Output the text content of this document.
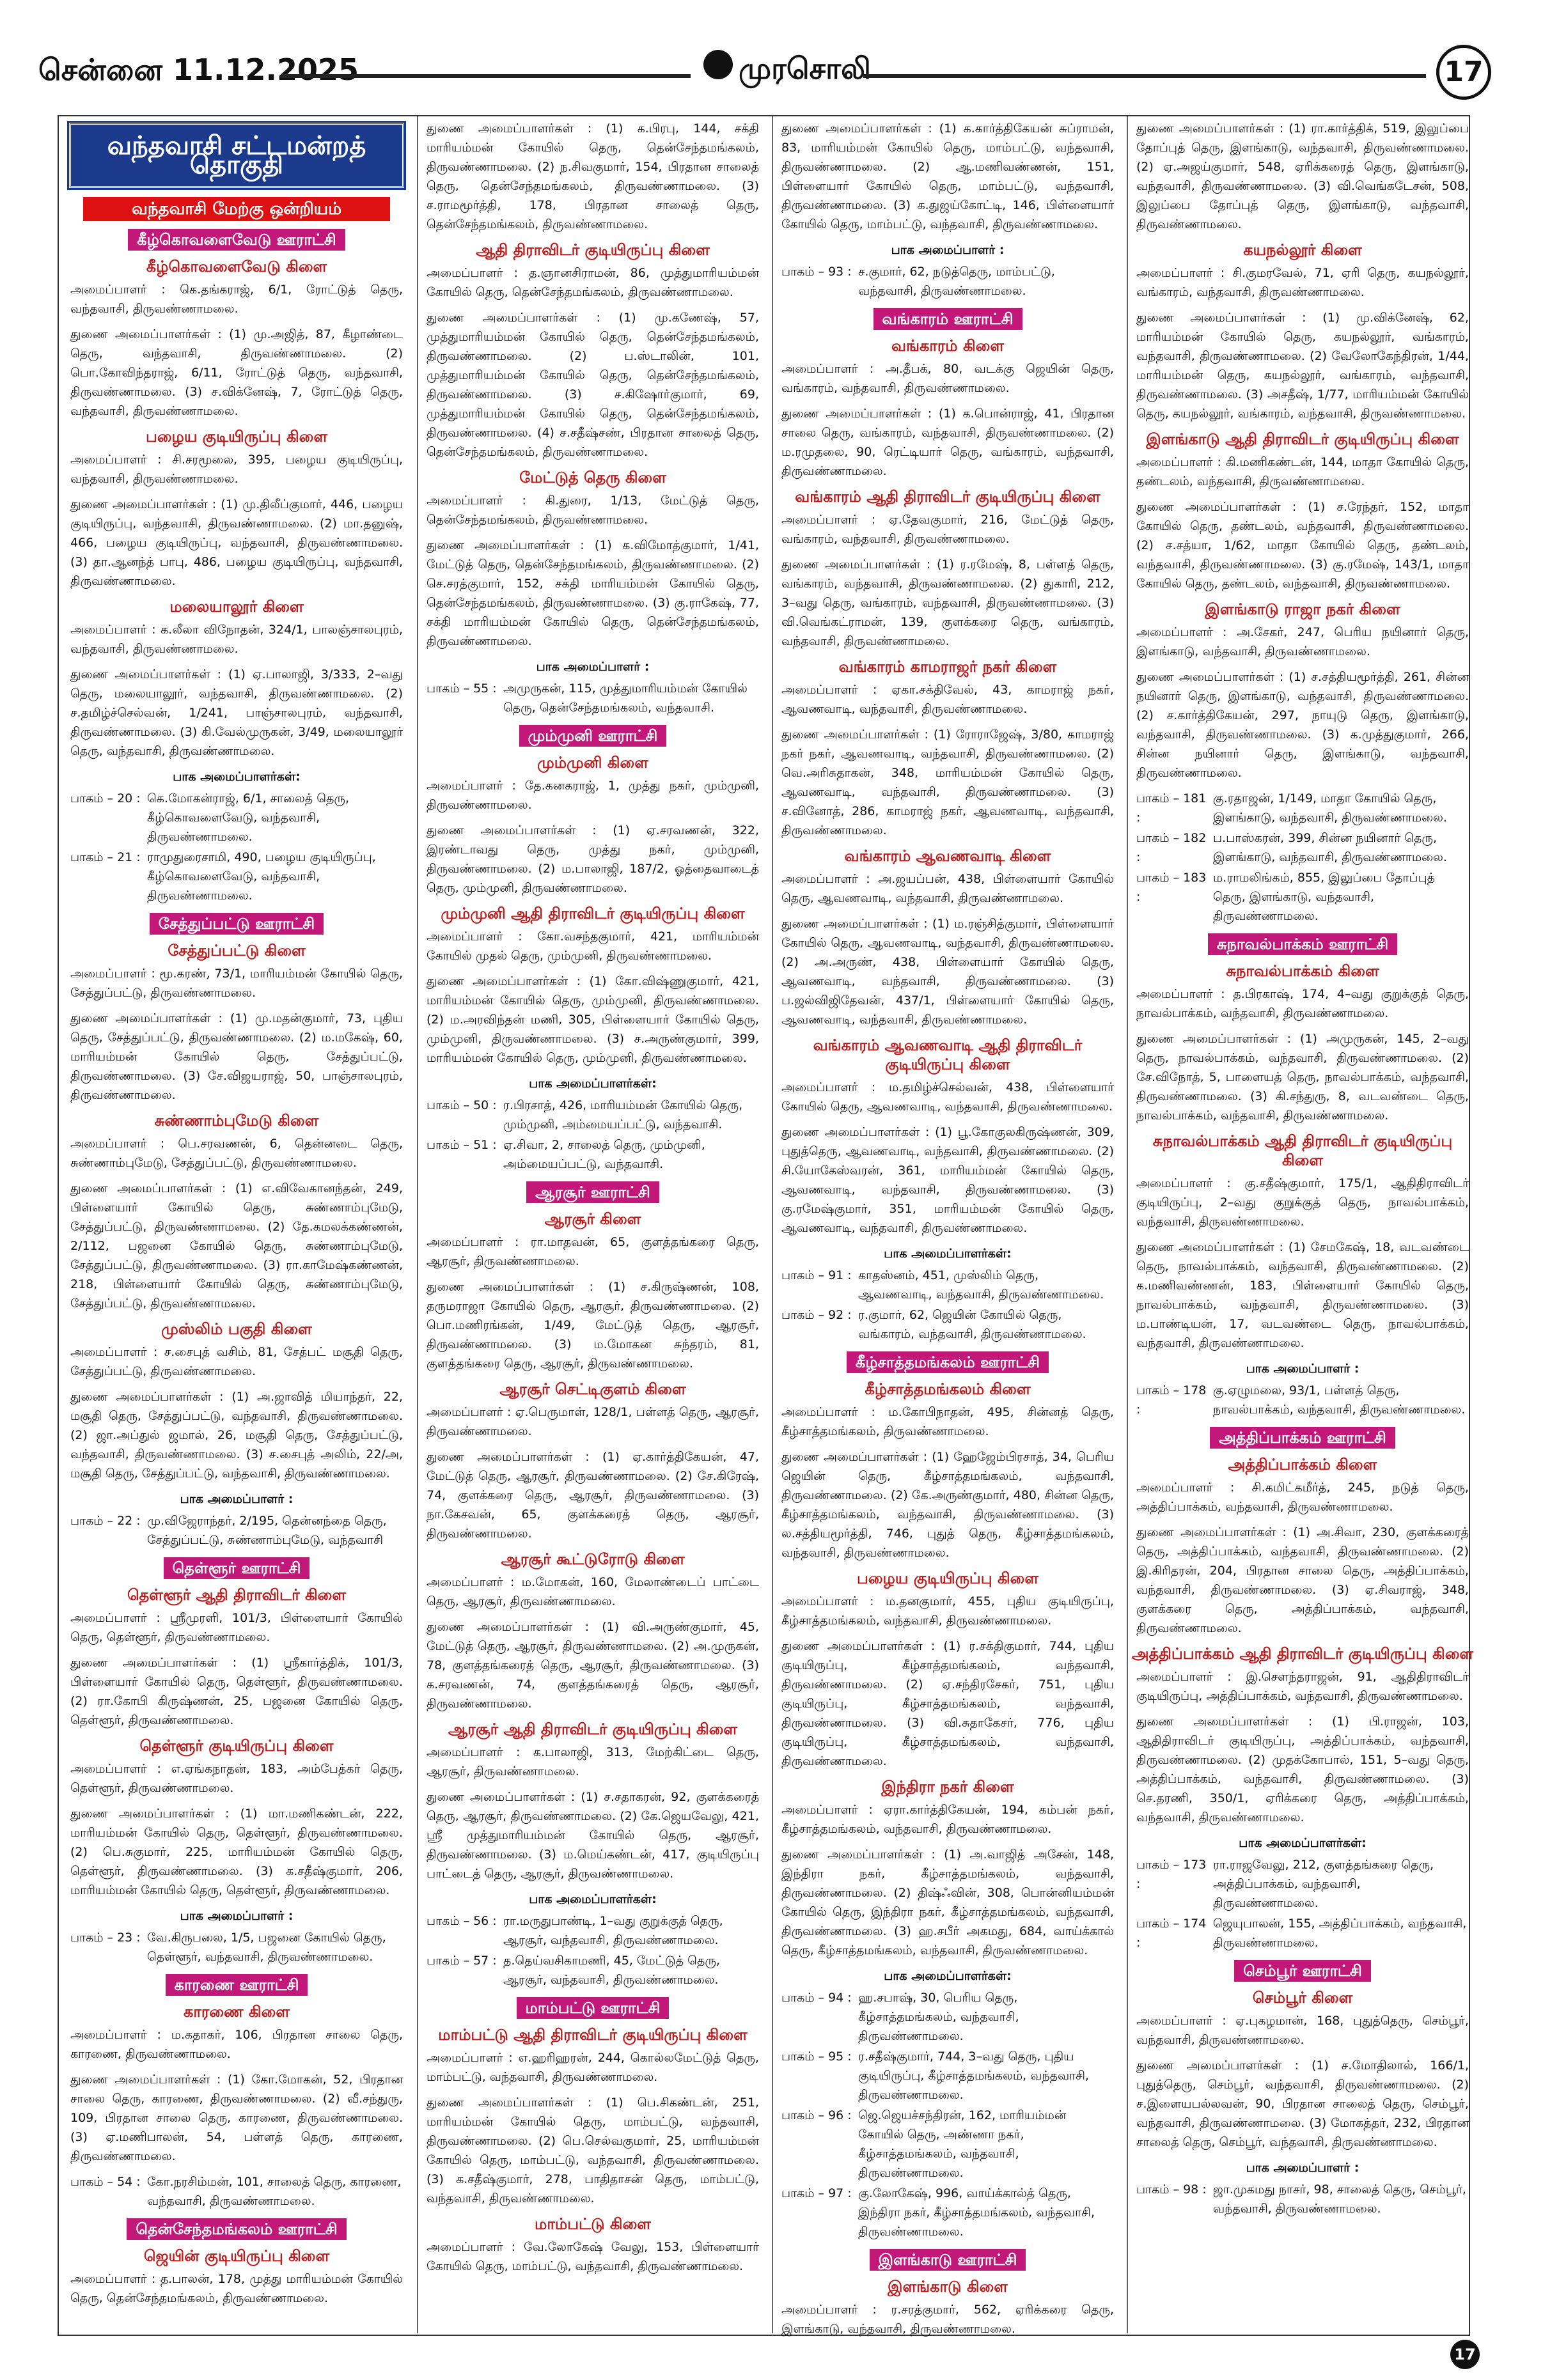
சென்னை 11.12.2025	முரசொலி	17
வந்தவாசி சட்டமன்றத் தொகுதி
வந்தவாசி மேற்கு ஒன்றியம்
கீழ்கொவளைவேடு ஊராட்சி
கீழ்கொவளைவேடு கிளை
அமைப்பாளர் : கெ.தங்கராஜ், 6/1, ரோட்டுத் தெரு, வந்தவாசி, திருவண்ணாமலை.
துணை அமைப்பாளர்கள் : (1) மு.அஜித், 87, கீழாண்டை தெரு, வந்தவாசி, திருவண்ணாமலை. (2) பொ.கோவிந்தராஜ், 6/11, ரோட்டுத் தெரு, வந்தவாசி, திருவண்ணாமலை. (3) ச.விக்னேஷ், 7, ரோட்டுத் தெரு, வந்தவாசி, திருவண்ணாமலை.
பழைய குடியிருப்பு கிளை
அமைப்பாளர் : சி.சரமூலை, 395, பழைய குடியிருப்பு, வந்தவாசி, திருவண்ணாமலை.
துணை அமைப்பாளர்கள் : (1) மு.திலீப்குமார், 446, பழைய குடியிருப்பு, வந்தவாசி, திருவண்ணாமலை. (2) மா.தனுஷ், 466, பழைய குடியிருப்பு, வந்தவாசி, திருவண்ணாமலை. (3) தா.ஆனந்த் பாபு, 486, பழைய குடியிருப்பு, வந்தவாசி, திருவண்ணாமலை.
மலையாலூர் கிளை
அமைப்பாளர் : க.லீலா விநோதன், 324/1, பாலஞ்சாலபுரம், வந்தவாசி, திருவண்ணாமலை.
துணை அமைப்பாளர்கள் : (1) ஏ.பாலாஜி, 3/333, 2–வது தெரு, மலையாலூர், வந்தவாசி, திருவண்ணாமலை. (2) ச.தமிழ்ச்செல்வன், 1/241, பாஞ்சாலபுரம், வந்தவாசி, திருவண்ணாமலை. (3) கி.வேல்முருகன், 3/49, மலையாலூர் தெரு, வந்தவாசி, திருவண்ணாமலை.
பாக அமைப்பாளர்கள்:
பாகம் – 20 : கெ.மோகன்ராஜ், 6/1, சாலைத் தெரு, கீழ்கொவளைவேடு, வந்தவாசி, திருவண்ணாமலை.
பாகம் – 21 : ராமுதுரைசாமி, 490, பழைய குடியிருப்பு, கீழ்கொவளைவேடு, வந்தவாசி, திருவண்ணாமலை.
சேத்துப்பட்டு ஊராட்சி
சேத்துப்பட்டு கிளை
அமைப்பாளர் : மூ.கரண், 73/1, மாரியம்மன் கோயில் தெரு, சேத்துப்பட்டு, திருவண்ணாமலை.
துணை அமைப்பாளர்கள் : (1) மு.மதன்குமார், 73, புதிய தெரு, சேத்துப்பட்டு, திருவண்ணாமலை. (2) ம.மகேஷ், 60, மாரியம்மன் கோயில் தெரு, சேத்துப்பட்டு, திருவண்ணாமலை. (3) சே.விஜயராஜ், 50, பாஞ்சாலபுரம், திருவண்ணாமலை.
சுண்ணாம்புமேடு கிளை
அமைப்பாளர் : பெ.சரவணன், 6, தென்னடை தெரு, சுண்ணாம்புமேடு, சேத்துப்பட்டு, திருவண்ணாமலை.
துணை அமைப்பாளர்கள் : (1) எ.விவேகானந்தன், 249, பிள்ளையார் கோயில் தெரு, சுண்ணாம்புமேடு, சேத்துப்பட்டு, திருவண்ணாமலை. (2) தே.கமலக்கண்ணன், 2/112, பஜனை கோயில் தெரு, சுண்ணாம்புமேடு, சேத்துப்பட்டு, திருவண்ணாமலை. (3) ரா.காமேஷ்கண்ணன், 218, பிள்ளையார் கோயில் தெரு, சுண்ணாம்புமேடு, சேத்துப்பட்டு, திருவண்ணாமலை.
முஸ்லிம் பகுதி கிளை
அமைப்பாளர் : ச.சைபுத் வசிம், 81, சேத்பட் மசூதி தெரு, சேத்துப்பட்டு, திருவண்ணாமலை.
துணை அமைப்பாளர்கள் : (1) அ.ஜாவித் மியாந்தர், 22, மசூதி தெரு, சேத்துப்பட்டு, வந்தவாசி, திருவண்ணாமலை. (2) ஜா.அப்துல் ஜமால், 26, மசூதி தெரு, சேத்துப்பட்டு, வந்தவாசி, திருவண்ணாமலை. (3) ச.சைபுத் அலிம், 22/அ, மசூதி தெரு, சேத்துப்பட்டு, வந்தவாசி, திருவண்ணாமலை.
பாக அமைப்பாளர் :
பாகம் – 22 : மு.விஜேராந்தர், 2/195, தென்னந்தை தெரு, சேத்துப்பட்டு, சுண்ணாம்புமேடு, வந்தவாசி
தெள்ளூர் ஊராட்சி
தெள்ளூர் ஆதி திராவிடர் கிளை
அமைப்பாளர் : ஸ்ரீமுரளி, 101/3, பிள்ளையார் கோயில் தெரு, தெள்ளூர், திருவண்ணாமலை.
துணை அமைப்பாளர்கள் : (1) ஸ்ரீகார்த்திக், 101/3, பிள்ளையார் கோயில் தெரு, தெள்ளூர், திருவண்ணாமலை. (2) ரா.கோபி கிருஷ்ணன், 25, பஜனை கோயில் தெரு, தெள்ளூர், திருவண்ணாமலை.
தெள்ளூர் குடியிருப்பு கிளை
அமைப்பாளர் : எ.ஏங்கநாதன், 183, அம்பேத்கர் தெரு, தெள்ளூர், திருவண்ணாமலை.
துணை அமைப்பாளர்கள் : (1) மா.மணிகண்டன், 222, மாரியம்மன் கோயில் தெரு, தெள்ளூர், திருவண்ணாமலை. (2) பெ.சுகுமார், 225, மாரியம்மன் கோயில் தெரு, தெள்ளூர், திருவண்ணாமலை. (3) க.சதீஷ்குமார், 206, மாரியம்மன் கோயில் தெரு, தெள்ளூர், திருவண்ணாமலை.
பாக அமைப்பாளர் :
பாகம் – 23 : வே.கிருபலை, 1/5, பஜனை கோயில் தெரு, தெள்ளூர், வந்தவாசி, திருவண்ணாமலை.
காரணை ஊராட்சி
காரணை கிளை
அமைப்பாளர் : ம.கதாகர், 106, பிரதான சாலை தெரு, காரணை, திருவண்ணாமலை.
துணை அமைப்பாளர்கள் : (1) கோ.மோகன், 52, பிரதான சாலை தெரு, காரணை, திருவண்ணாமலை. (2) வீ.சந்துரு, 109, பிரதான சாலை தெரு, காரணை, திருவண்ணாமலை. (3) ஏ.மணிபாலன், 54, பள்ளத் தெரு, காரணை, திருவண்ணாமலை.
பாகம் – 54 : கோ.நரசிம்மன், 101, சாலைத் தெரு, காரணை, வந்தவாசி, திருவண்ணாமலை.
தென்சேந்தமங்கலம் ஊராட்சி
ஜெயின் குடியிருப்பு கிளை
அமைப்பாளர் : த.பாலன், 178, முத்து மாரியம்மன் கோயில் தெரு, தென்சேந்தமங்கலம், திருவண்ணாமலை.
துணை அமைப்பாளர்கள் : (1) க.பிரபு, 144, சக்தி மாரியம்மன் கோயில் தெரு, தென்சேந்தமங்கலம், திருவண்ணாமலை. (2) ந.சிவகுமார், 154, பிரதான சாலைத் தெரு, தென்சேந்தமங்கலம், திருவண்ணாமலை. (3) ச.ராமமூர்த்தி, 178, பிரதான சாலைத் தெரு, தென்சேந்தமங்கலம், திருவண்ணாமலை.
ஆதி திராவிடர் குடியிருப்பு கிளை
அமைப்பாளர் : த.ஞானசிராமன், 86, முத்துமாரியம்மன் கோயில் தெரு, தென்சேந்தமங்கலம், திருவண்ணாமலை.
துணை அமைப்பாளர்கள் : (1) மு.கணேஷ், 57, முத்துமாரியம்மன் கோயில் தெரு, தென்சேந்தமங்கலம், திருவண்ணாமலை. (2) ப.ஸ்டாலின், 101, முத்துமாரியம்மன் கோயில் தெரு, தென்சேந்தமங்கலம், திருவண்ணாமலை. (3) ச.கிஷோர்குமார், 69, முத்துமாரியம்மன் கோயில் தெரு, தென்சேந்தமங்கலம், திருவண்ணாமலை. (4) ச.சதீஷ்சண், பிரதான சாலைத் தெரு, தென்சேந்தமங்கலம், திருவண்ணாமலை.
மேட்டுத் தெரு கிளை
அமைப்பாளர் : கி.துரை, 1/13, மேட்டுத் தெரு, தென்சேந்தமங்கலம், திருவண்ணாமலை.
துணை அமைப்பாளர்கள் : (1) க.விமோத்குமார், 1/41, மேட்டுத் தெரு, தென்சேந்தமங்கலம், திருவண்ணாமலை. (2) செ.சரத்குமார், 152, சக்தி மாரியம்மன் கோயில் தெரு, தென்சேந்தமங்கலம், திருவண்ணாமலை. (3) கு.ராகேஷ், 77, சக்தி மாரியம்மன் கோயில் தெரு, தென்சேந்தமங்கலம், திருவண்ணாமலை.
பாக அமைப்பாளர் :
பாகம் – 55 : அமுருகன், 115, முத்துமாரியம்மன் கோயில் தெரு, தென்சேந்தமங்கலம், வந்தவாசி.
மும்முனி ஊராட்சி
மும்முனி கிளை
அமைப்பாளர் : தே.கனகராஜ், 1, முத்து நகர், மும்முனி, திருவண்ணாமலை.
துணை அமைப்பாளர்கள் : (1) ஏ.சரவணன், 322, இரண்டாவது தெரு, முத்து நகர், மும்முனி, திருவண்ணாமலை. (2) ம.பாலாஜி, 187/2, ஓத்தைவாடைத் தெரு, மும்முனி, திருவண்ணாமலை.
மும்முனி ஆதி திராவிடர் குடியிருப்பு கிளை
அமைப்பாளர் : கோ.வசந்தகுமார், 421, மாரியம்மன் கோயில் முதல் தெரு, மும்முனி, திருவண்ணாமலை.
துணை அமைப்பாளர்கள் : (1) கோ.விஷ்ணுகுமார், 421, மாரியம்மன் கோயில் தெரு, மும்முனி, திருவண்ணாமலை. (2) ம.அரவிந்தன் மணி, 305, பிள்ளையார் கோயில் தெரு, மும்முனி, திருவண்ணாமலை. (3) ச.அருண்குமார், 399, மாரியம்மன் கோயில் தெரு, மும்முனி, திருவண்ணாமலை.
பாக அமைப்பாளர்கள்:
பாகம் – 50 : ர.பிரசாத், 426, மாரியம்மன் கோயில் தெரு, மும்முனி, அம்மையப்பட்டு, வந்தவாசி.
பாகம் – 51 : ஏ.சிவா, 2, சாலைத் தெரு, மும்முனி, அம்மையப்பட்டு, வந்தவாசி.
ஆரசூர் ஊராட்சி
ஆரசூர் கிளை
அமைப்பாளர் : ரா.மாதவன், 65, குளத்தங்கரை தெரு, ஆரசூர், திருவண்ணாமலை.
துணை அமைப்பாளர்கள் : (1) ச.கிருஷ்ணன், 108, தருமராஜா கோயில் தெரு, ஆரசூர், திருவண்ணாமலை. (2) பொ.மணிரங்கன், 1/49, மேட்டுத் தெரு, ஆரசூர், திருவண்ணாமலை. (3) ம.மோகன சுந்தரம், 81, குளத்தங்கரை தெரு, ஆரசூர், திருவண்ணாமலை.
ஆரசூர் செட்டிகுளம் கிளை
அமைப்பாளர் : ஏ.பெருமாள், 128/1, பள்ளத் தெரு, ஆரசூர், திருவண்ணாமலை.
துணை அமைப்பாளர்கள் : (1) ஏ.கார்த்திகேயன், 47, மேட்டுத் தெரு, ஆரசூர், திருவண்ணாமலை. (2) சே.கிரேஷ், 74, குளக்கரை தெரு, ஆரசூர், திருவண்ணாமலை. (3) நா.கேசவன், 65, குளக்கரைத் தெரு, ஆரசூர், திருவண்ணாமலை.
ஆரசூர் கூட்டுரோடு கிளை
அமைப்பாளர் : ம.மோகன், 160, மேலாண்டைப் பாட்டை தெரு, ஆரசூர், திருவண்ணாமலை.
துணை அமைப்பாளர்கள் : (1) வி.அருண்குமார், 45, மேட்டுத் தெரு, ஆரசூர், திருவண்ணாமலை. (2) அ.முருகன், 78, குளத்தங்கரைத் தெரு, ஆரசூர், திருவண்ணாமலை. (3) க.சரவணன், 74, குளத்தங்கரைத் தெரு, ஆரசூர், திருவண்ணாமலை.
ஆரசூர் ஆதி திராவிடர் குடியிருப்பு கிளை
அமைப்பாளர் : க.பாலாஜி, 313, மேற்கிட்டை தெரு, ஆரசூர், திருவண்ணாமலை.
துணை அமைப்பாளர்கள் : (1) ச.சதாகரன், 92, குளக்கரைத் தெரு, ஆரசூர், திருவண்ணாமலை. (2) கே.ஜெயவேலு, 421, ஸ்ரீ முத்துமாரியம்மன் கோயில் தெரு, ஆரசூர், திருவண்ணாமலை. (3) ம.மெய்கண்டன், 417, குடியிருப்பு பாட்டைத் தெரு, ஆரசூர், திருவண்ணாமலை.
பாக அமைப்பாளர்கள்:
பாகம் – 56 : ரா.மருதுபாண்டி, 1–வது குறுக்குத் தெரு, ஆரசூர், வந்தவாசி, திருவண்ணாமலை.
பாகம் – 57 : த.தெய்வசிகாமணி, 45, மேட்டுத் தெரு, ஆரசூர், வந்தவாசி, திருவண்ணாமலை.
மாம்பட்டு ஊராட்சி
மாம்பட்டு ஆதி திராவிடர் குடியிருப்பு கிளை
அமைப்பாளர் : எ.ஹரிஹரன், 244, கொல்லமேட்டுத் தெரு, மாம்பட்டு, வந்தவாசி, திருவண்ணாமலை.
துணை அமைப்பாளர்கள் : (1) பெ.சிகண்டன், 251, மாரியம்மன் கோயில் தெரு, மாம்பட்டு, வந்தவாசி, திருவண்ணாமலை. (2) பெ.செல்வகுமார், 25, மாரியம்மன் கோயில் தெரு, மாம்பட்டு, வந்தவாசி, திருவண்ணாமலை. (3) க.சதீஷ்குமார், 278, பாதிதாசன் தெரு, மாம்பட்டு, வந்தவாசி, திருவண்ணாமலை.
மாம்பட்டு கிளை
அமைப்பாளர் : வே.லோகேஷ் வேலு, 153, பிள்ளையார் கோயில் தெரு, மாம்பட்டு, வந்தவாசி, திருவண்ணாமலை.
துணை அமைப்பாளர்கள் : (1) க.கார்த்திகேயன் சுப்ராமன், 83, மாரியம்மன் கோயில் தெரு, மாம்பட்டு, வந்தவாசி, திருவண்ணாமலை. (2) ஆ.மணிவண்ணன், 151, பிள்ளையார் கோயில் தெரு, மாம்பட்டு, வந்தவாசி, திருவண்ணாமலை. (3) க.துஜய்கோட்டி, 146, பிள்ளையார் கோயில் தெரு, மாம்பட்டு, வந்தவாசி, திருவண்ணாமலை.
பாக அமைப்பாளர் :
பாகம் – 93 : ச.குமார், 62, நடுத்தெரு, மாம்பட்டு, வந்தவாசி, திருவண்ணாமலை.
வங்காரம் ஊராட்சி
வங்காரம் கிளை
அமைப்பாளர் : அ.தீபக், 80, வடக்கு ஜெயின் தெரு, வங்காரம், வந்தவாசி, திருவண்ணாமலை.
துணை அமைப்பாளர்கள் : (1) க.பொன்ராஜ், 41, பிரதான சாலை தெரு, வங்காரம், வந்தவாசி, திருவண்ணாமலை. (2) ம.ரமுதலை, 90, ரெட்டியார் தெரு, வங்காரம், வந்தவாசி, திருவண்ணாமலை.
வங்காரம் ஆதி திராவிடர் குடியிருப்பு கிளை
அமைப்பாளர் : ஏ.தேவகுமார், 216, மேட்டுத் தெரு, வங்காரம், வந்தவாசி, திருவண்ணாமலை.
துணை அமைப்பாளர்கள் : (1) ர.ரமேஷ், 8, பள்ளத் தெரு, வங்காரம், வந்தவாசி, திருவண்ணாமலை. (2) துகாரி, 212, 3–வது தெரு, வங்காரம், வந்தவாசி, திருவண்ணாமலை. (3) வி.வெங்கட்ராமன், 139, குளக்கரை தெரு, வங்காரம், வந்தவாசி, திருவண்ணாமலை.
வங்காரம் காமராஜர் நகர் கிளை
அமைப்பாளர் : ஏகா.சக்திவேல், 43, காமராஜ் நகர், ஆவணவாடி, வந்தவாசி, திருவண்ணாமலை.
துணை அமைப்பாளர்கள் : (1) ரோராஜேஷ், 3/80, காமராஜ் நகர் நகர், ஆவணவாடி, வந்தவாசி, திருவண்ணாமலை. (2) வெ.அரிசுதாகன், 348, மாரியம்மன் கோயில் தெரு, ஆவணவாடி, வந்தவாசி, திருவண்ணாமலை. (3) ச.வினோத், 286, காமராஜ் நகர், ஆவணவாடி, வந்தவாசி, திருவண்ணாமலை.
வங்காரம் ஆவணவாடி கிளை
அமைப்பாளர் : அ.ஜயப்பன், 438, பிள்ளையார் கோயில் தெரு, ஆவணவாடி, வந்தவாசி, திருவண்ணாமலை.
துணை அமைப்பாளர்கள் : (1) ம.ரஞ்சித்குமார், பிள்ளையார் கோயில் தெரு, ஆவணவாடி, வந்தவாசி, திருவண்ணாமலை. (2) அ.அருண், 438, பிள்ளையார் கோயில் தெரு, ஆவணவாடி, வந்தவாசி, திருவண்ணாமலை. (3) ப.ஜல்விஜிதேவன், 437/1, பிள்ளையார் கோயில் தெரு, ஆவணவாடி, வந்தவாசி, திருவண்ணாமலை.
வங்காரம் ஆவணவாடி ஆதி திராவிடர் குடியிருப்பு கிளை
அமைப்பாளர் : ம.தமிழ்ச்செல்வன், 438, பிள்ளையார் கோயில் தெரு, ஆவணவாடி, வந்தவாசி, திருவண்ணாமலை.
துணை அமைப்பாளர்கள் : (1) பூ.கோகுலகிருஷ்ணன், 309, புதுத்தெரு, ஆவணவாடி, வந்தவாசி, திருவண்ணாமலை. (2) சி.யோகேஸ்வரன், 361, மாரியம்மன் கோயில் தெரு, ஆவணவாடி, வந்தவாசி, திருவண்ணாமலை. (3) கு.ரமேஷ்குமார், 351, மாரியம்மன் கோயில் தெரு, ஆவணவாடி, வந்தவாசி, திருவண்ணாமலை.
பாக அமைப்பாளர்கள்:
பாகம் – 91 : காதஸ்னம், 451, முஸ்லிம் தெரு, ஆவணவாடி, வந்தவாசி, திருவண்ணாமலை.
பாகம் – 92 : ர.குமார், 62, ஜெயின் கோயில் தெரு, வங்காரம், வந்தவாசி, திருவண்ணாமலை.
கீழ்சாத்தமங்கலம் ஊராட்சி
கீழ்சாத்தமங்கலம் கிளை
அமைப்பாளர் : ம.கோபிநாதன், 495, சின்னத் தெரு, கீழ்சாத்தமங்கலம், திருவண்ணாமலை.
துணை அமைப்பாளர்கள் : (1) ஹேஜேம்பிரசாத், 34, பெரிய ஜெயின் தெரு, கீழ்சாத்தமங்கலம், வந்தவாசி, திருவண்ணாமலை. (2) கே.அருண்குமார், 480, சின்ன தெரு, கீழ்சாத்தமங்கலம், வந்தவாசி, திருவண்ணாமலை. (3) ல.சத்தியமூர்த்தி, 746, புதுத் தெரு, கீழ்சாத்தமங்கலம், வந்தவாசி, திருவண்ணாமலை.
பழைய குடியிருப்பு கிளை
அமைப்பாளர் : ம.தனகுமார், 455, புதிய குடியிருப்பு, கீழ்சாத்தமங்கலம், வந்தவாசி, திருவண்ணாமலை.
துணை அமைப்பாளர்கள் : (1) ர.சக்திகுமார், 744, புதிய குடியிருப்பு, கீழ்சாத்தமங்கலம், வந்தவாசி, திருவண்ணாமலை. (2) ஏ.சந்திரசேகர், 751, புதிய குடியிருப்பு, கீழ்சாத்தமங்கலம், வந்தவாசி, திருவண்ணாமலை. (3) வி.சுதாகேசர், 776, புதிய குடியிருப்பு, கீழ்சாத்தமங்கலம், வந்தவாசி, திருவண்ணாமலை.
இந்திரா நகர் கிளை
அமைப்பாளர் : ஏரா.கார்த்திகேயன், 194, கம்பன் நகர், கீழ்சாத்தமங்கலம், வந்தவாசி, திருவண்ணாமலை.
துணை அமைப்பாளர்கள் : (1) அ.வாஜித் அசேன், 148, இந்திரா நகர், கீழ்சாத்தமங்கலம், வந்தவாசி, திருவண்ணாமலை. (2) திஷ்ஃவின், 308, பொன்னியம்மன் கோயில் தெரு, இந்திரா நகர், கீழ்சாத்தமங்கலம், வந்தவாசி, திருவண்ணாமலை. (3) ஹ.சபீர் அகமது, 684, வாய்க்கால் தெரு, கீழ்சாத்தமங்கலம், வந்தவாசி, திருவண்ணாமலை.
பாக அமைப்பாளர்கள்:
பாகம் – 94 : ஹ.சபாஷ், 30, பெரிய தெரு, கீழ்சாத்தமங்கலம், வந்தவாசி, திருவண்ணாமலை.
பாகம் – 95 : ர.சதீஷ்குமார், 744, 3–வது தெரு, புதிய குடியிருப்பு, கீழ்சாத்தமங்கலம், வந்தவாசி, திருவண்ணாமலை.
பாகம் – 96 : ஜெ.ஜெயச்சந்திரன், 162, மாரியம்மன் கோயில் தெரு, அண்ணா நகர், கீழ்சாத்தமங்கலம், வந்தவாசி, திருவண்ணாமலை.
பாகம் – 97 : கு.லோகேஷ், 996, வாய்க்கால்த் தெரு, இந்திரா நகர், கீழ்சாத்தமங்கலம், வந்தவாசி, திருவண்ணாமலை.
இளங்காடு ஊராட்சி
இளங்காடு கிளை
அமைப்பாளர் : ர.சரத்குமார், 562, ஏரிக்கரை தெரு, இளங்காடு, வந்தவாசி, திருவண்ணாமலை.
துணை அமைப்பாளர்கள் : (1) ரா.கார்த்திக், 519, இலுப்பை தோப்புத் தெரு, இளங்காடு, வந்தவாசி, திருவண்ணாமலை. (2) ஏ.அஜய்குமார், 548, ஏரிக்கரைத் தெரு, இளங்காடு, வந்தவாசி, திருவண்ணாமலை. (3) வி.வெங்கடேசன், 508, இலுப்பை தோப்புத் தெரு, இளங்காடு, வந்தவாசி, திருவண்ணாமலை.
கயநல்லூர் கிளை
அமைப்பாளர் : சி.குமரவேல், 71, ஏரி தெரு, கயநல்லூர், வங்காரம், வந்தவாசி, திருவண்ணாமலை.
துணை அமைப்பாளர்கள் : (1) மு.விக்னேஷ், 62, மாரியம்மன் கோயில் தெரு, கயநல்லூர், வங்காரம், வந்தவாசி, திருவண்ணாமலை. (2) வேலோகேந்திரன், 1/44, மாரியம்மன் தெரு, கயநல்லூர், வங்காரம், வந்தவாசி, திருவண்ணாமலை. (3) அசதீஷ், 1/77, மாரியம்மன் கோயில் தெரு, கயநல்லூர், வங்காரம், வந்தவாசி, திருவண்ணாமலை.
இளங்காடு ஆதி திராவிடர் குடியிருப்பு கிளை
அமைப்பாளர் : கி.மணிகண்டன், 144, மாதா கோயில் தெரு, தண்டலம், வந்தவாசி, திருவண்ணாமலை.
துணை அமைப்பாளர்கள் : (1) ச.ரேந்தர், 152, மாதா கோயில் தெரு, தண்டலம், வந்தவாசி, திருவண்ணாமலை. (2) ச.சத்யா, 1/62, மாதா கோயில் தெரு, தண்டலம், வந்தவாசி, திருவண்ணாமலை. (3) கு.ரமேஷ், 143/1, மாதா கோயில் தெரு, தண்டலம், வந்தவாசி, திருவண்ணாமலை.
இளங்காடு ராஜா நகர் கிளை
அமைப்பாளர் : அ.சேகர், 247, பெரிய நயினார் தெரு, இளங்காடு, வந்தவாசி, திருவண்ணாமலை.
துணை அமைப்பாளர்கள் : (1) ச.சத்தியமூர்த்தி, 261, சின்ன நயினார் தெரு, இளங்காடு, வந்தவாசி, திருவண்ணாமலை. (2) ச.கார்த்திகேயன், 297, நாயுடு தெரு, இளங்காடு, வந்தவாசி, திருவண்ணாமலை. (3) க.முத்துகுமார், 266, சின்ன நயினார் தெரு, இளங்காடு, வந்தவாசி, திருவண்ணாமலை.
பாகம் – 181 :
கு.ரதாஜன், 1/149, மாதா கோயில் தெரு, இளங்காடு, வந்தவாசி, திருவண்ணாமலை.
பாகம் – 182 :
ப.பாஸ்கரன், 399, சின்ன நயினார் தெரு, இளங்காடு, வந்தவாசி, திருவண்ணாமலை.
பாகம் – 183 :
ம.ராமலிங்கம், 855, இலுப்பை தோப்புத் தெரு, இளங்காடு, வந்தவாசி, திருவண்ணாமலை.
சுநாவல்பாக்கம் ஊராட்சி
சுநாவல்பாக்கம் கிளை
அமைப்பாளர் : த.பிரகாஷ், 174, 4–வது குறுக்குத் தெரு, நாவல்பாக்கம், வந்தவாசி, திருவண்ணாமலை.
துணை அமைப்பாளர்கள் : (1) அமுருகன், 145, 2–வது தெரு, நாவல்பாக்கம், வந்தவாசி, திருவண்ணாமலை. (2) சே.விநோத், 5, பாளையத் தெரு, நாவல்பாக்கம், வந்தவாசி, திருவண்ணாமலை. (3) கி.சந்துரு, 8, வடவண்டை தெரு, நாவல்பாக்கம், வந்தவாசி, திருவண்ணாமலை.
சுநாவல்பாக்கம் ஆதி திராவிடர் குடியிருப்பு கிளை
அமைப்பாளர் : கு.சதீஷ்குமார், 175/1, ஆதிதிராவிடர் குடியிருப்பு, 2–வது குறுக்குத் தெரு, நாவல்பாக்கம், வந்தவாசி, திருவண்ணாமலை.
துணை அமைப்பாளர்கள் : (1) சேமகேஷ், 18, வடவண்டை தெரு, நாவல்பாக்கம், வந்தவாசி, திருவண்ணாமலை. (2) க.மணிவண்ணன், 183, பிள்ளையார் கோயில் தெரு, நாவல்பாக்கம், வந்தவாசி, திருவண்ணாமலை. (3) ம.பாண்டியன், 17, வடவண்டை தெரு, நாவல்பாக்கம், வந்தவாசி, திருவண்ணாமலை.
பாக அமைப்பாளர் :
பாகம் – 178 :
கு.ஏழுமலை, 93/1, பள்ளத் தெரு, நாவல்பாக்கம், வந்தவாசி, திருவண்ணாமலை.
அத்திப்பாக்கம் ஊராட்சி
அத்திப்பாக்கம் கிளை
அமைப்பாளர் : சி.கமிட்கமீர்த், 245, நடுத் தெரு, அத்திப்பாக்கம், வந்தவாசி, திருவண்ணாமலை.
துணை அமைப்பாளர்கள் : (1) அ.சிவா, 230, குளக்கரைத் தெரு, அத்திப்பாக்கம், வந்தவாசி, திருவண்ணாமலை. (2) இ.கிரிதரன், 204, பிரதான சாலை தெரு, அத்திப்பாக்கம், வந்தவாசி, திருவண்ணாமலை. (3) ஏ.சிவராஜ், 348, குளக்கரை தெரு, அத்திப்பாக்கம், வந்தவாசி, திருவண்ணாமலை.
அத்திப்பாக்கம் ஆதி திராவிடர் குடியிருப்பு கிளை
அமைப்பாளர் : இ.செளந்தராஜன், 91, ஆதிதிராவிடர் குடியிருப்பு, அத்திப்பாக்கம், வந்தவாசி, திருவண்ணாமலை.
துணை அமைப்பாளர்கள் : (1) பி.ராஜன், 103, ஆதிதிராவிடர் குடியிருப்பு, அத்திப்பாக்கம், வந்தவாசி, திருவண்ணாமலை. (2) முதக்கோபால், 151, 5–வது தெரு, அத்திப்பாக்கம், வந்தவாசி, திருவண்ணாமலை. (3) செ.தரணி, 350/1, ஏரிக்கரை தெரு, அத்திப்பாக்கம், வந்தவாசி, திருவண்ணாமலை.
பாக அமைப்பாளர்கள்:
பாகம் – 173 :
ரா.ராஜவேலு, 212, குளத்தங்கரை தெரு, அத்திப்பாக்கம், வந்தவாசி, திருவண்ணாமலை.
பாகம் – 174 :
ஜெயுபாலன், 155, அத்திப்பாக்கம், வந்தவாசி, திருவண்ணாமலை.
செம்பூர் ஊராட்சி
செம்பூர் கிளை
அமைப்பாளர் : ஏ.புகழமான், 168, புதுத்தெரு, செம்பூர், வந்தவாசி, திருவண்ணாமலை.
துணை அமைப்பாளர்கள் : (1) ச.மோதிலால், 166/1, புதுத்தெரு, செம்பூர், வந்தவாசி, திருவண்ணாமலை. (2) ச.இளையபல்லவன், 90, பிரதான சாலைத் தெரு, செம்பூர், வந்தவாசி, திருவண்ணாமலை. (3) மோகத்தர், 232, பிரதான சாலைத் தெரு, செம்பூர், வந்தவாசி, திருவண்ணாமலை.
பாக அமைப்பாளர் :
பாகம் – 98 : ஜா.முகமது நாசர், 98, சாலைத் தெரு, செம்பூர், வந்தவாசி, திருவண்ணாமலை.
17
